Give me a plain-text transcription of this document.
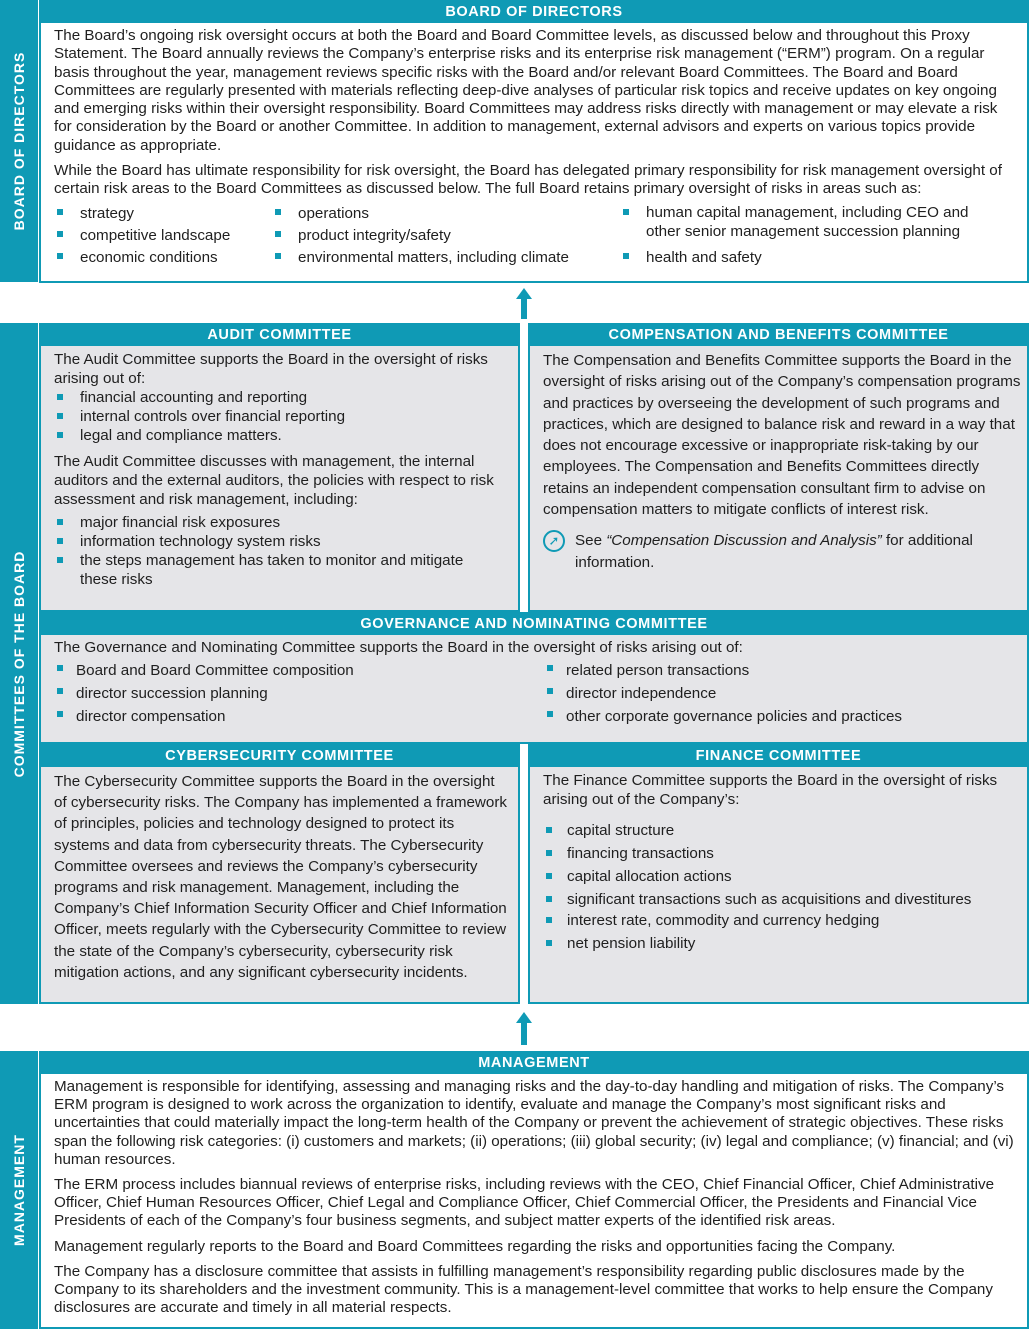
BOARD OF DIRECTORS
COMMITTEES OF THE BOARD
MANAGEMENT
BOARD OF DIRECTORS

The Board’s ongoing risk oversight occurs at both the Board and Board Committee levels, as discussed below and throughout this Proxy Statement. The Board annually reviews the Company’s enterprise risks and its enterprise risk management (“ERM”) program. On a regular basis throughout the year, management reviews specific risks with the Board and/or relevant Board Committees. The Board and Board Committees are regularly presented with materials reflecting deep-dive analyses of particular risk topics and receive updates on key ongoing and emerging risks within their oversight responsibility. Board Committees may address risks directly with management or may elevate a risk for consideration by the Board or another Committee. In addition to management, external advisors and experts on various topics provide guidance as appropriate.

While the Board has ultimate responsibility for risk oversight, the Board has delegated primary responsibility for risk management oversight of certain risk areas to the Board Committees as discussed below. The full Board retains primary oversight of risks in areas such as:

strategy
competitive landscape
economic conditions
operations
product integrity/safety
environmental matters, including climate
human capital management, including CEO and other senior management succession planning
health and safety
AUDIT COMMITTEE

The Audit Committee supports the Board in the oversight of risks arising out of:

financial accounting and reporting
internal controls over financial reporting
legal and compliance matters.

The Audit Committee discusses with management, the internal auditors and the external auditors, the policies with respect to risk assessment and risk management, including:

major financial risk exposures
information technology system risks
the steps management has taken to monitor and mitigate these risks
COMPENSATION AND BENEFITS COMMITTEE

The Compensation and Benefits Committee supports the Board in the oversight of risks arising out of the Company’s compensation programs and practices by overseeing the development of such programs and practices, which are designed to balance risk and reward in a way that does not encourage excessive or inappropriate risk-taking by our employees. The Compensation and Benefits Committees directly retains an independent compensation consultant firm to advise on compensation matters to mitigate conflicts of interest risk.

➚	See “Compensation Discussion and Analysis” for additional information.
GOVERNANCE AND NOMINATING COMMITTEE

The Governance and Nominating Committee supports the Board in the oversight of risks arising out of:

Board and Board Committee composition
director succession planning
director compensation
related person transactions
director independence
other corporate governance policies and practices
CYBERSECURITY COMMITTEE

The Cybersecurity Committee supports the Board in the oversight of cybersecurity risks. The Company has implemented a framework of principles, policies and technology designed to protect its systems and data from cybersecurity threats. The Cybersecurity Committee oversees and reviews the Company’s cybersecurity programs and risk management. Management, including the Company’s Chief Information Security Officer and Chief Information Officer, meets regularly with the Cybersecurity Committee to review the state of the Company’s cybersecurity, cybersecurity risk mitigation actions, and any significant cybersecurity incidents.

FINANCE COMMITTEE

The Finance Committee supports the Board in the oversight of risks arising out of the Company’s:

capital structure
financing transactions
capital allocation actions
significant transactions such as acquisitions and divestitures
interest rate, commodity and currency hedging
net pension liability
MANAGEMENT

Management is responsible for identifying, assessing and managing risks and the day-to-day handling and mitigation of risks. The Company’s ERM program is designed to work across the organization to identify, evaluate and manage the Company’s most significant risks and uncertainties that could materially impact the long-term health of the Company or prevent the achievement of strategic objectives. These risks span the following risk categories: (i) customers and markets; (ii) operations; (iii) global security; (iv) legal and compliance; (v) financial; and (vi) human resources.

The ERM process includes biannual reviews of enterprise risks, including reviews with the CEO, Chief Financial Officer, Chief Administrative Officer, Chief Human Resources Officer, Chief Legal and Compliance Officer, Chief Commercial Officer, the Presidents and Financial Vice Presidents of each of the Company’s four business segments, and subject matter experts of the identified risk areas.

Management regularly reports to the Board and Board Committees regarding the risks and opportunities facing the Company.

The Company has a disclosure committee that assists in fulfilling management’s responsibility regarding public disclosures made by the Company to its shareholders and the investment community. This is a management-level committee that works to help ensure the Company disclosures are accurate and timely in all material respects.
